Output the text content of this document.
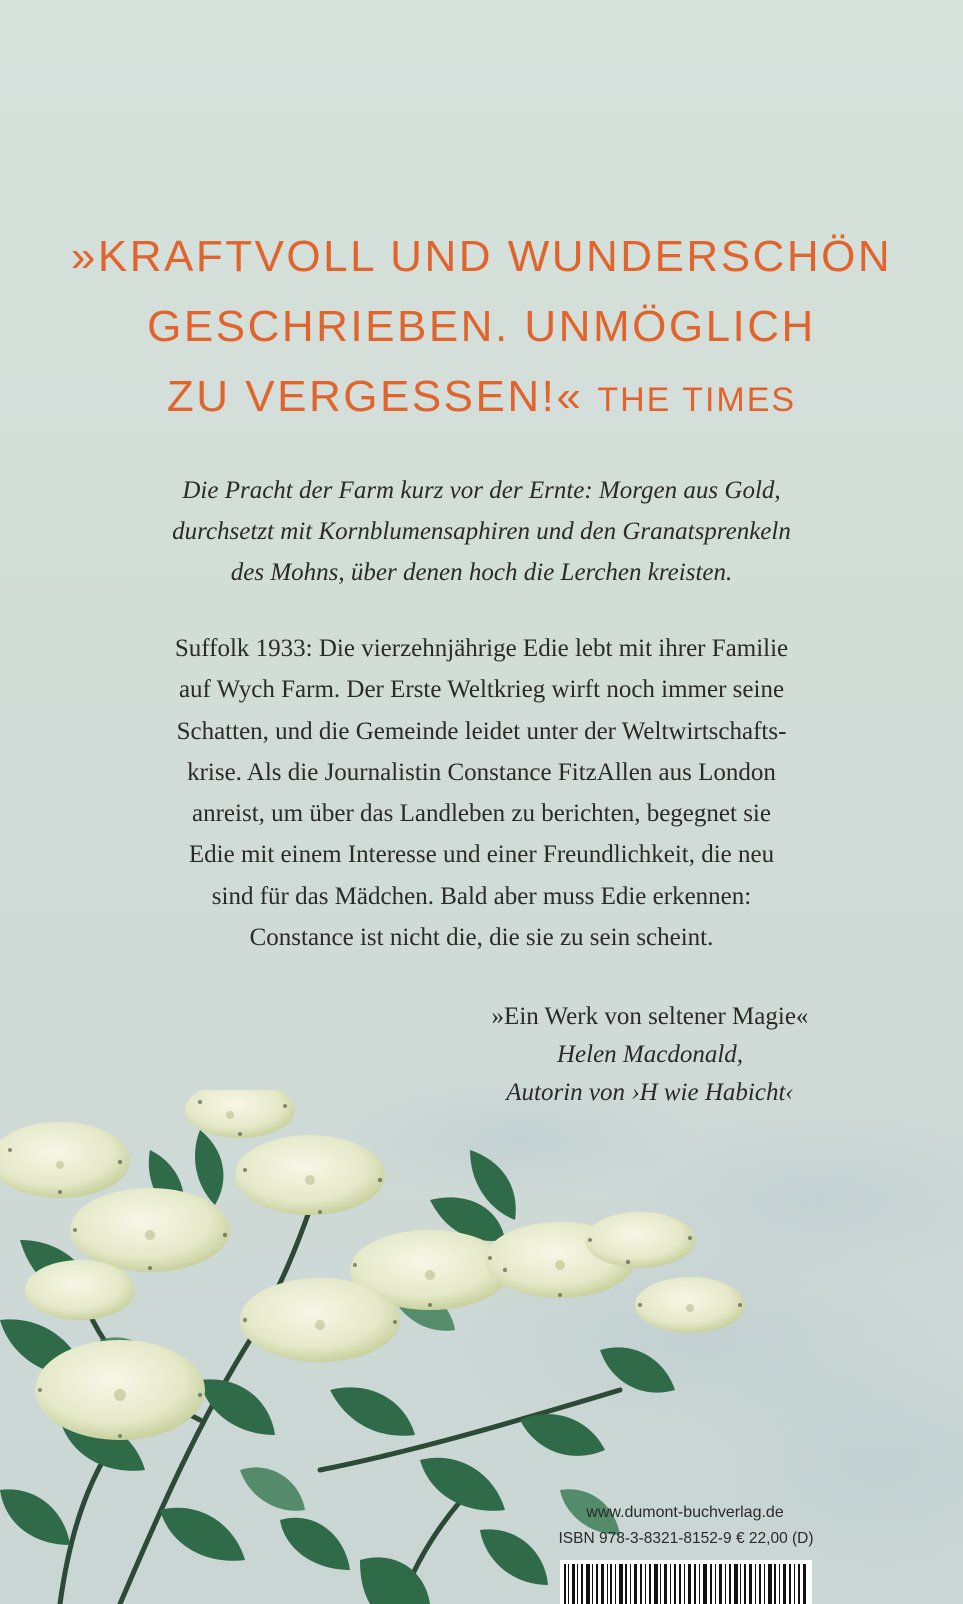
»KRAFTVOLL UND WUNDERSCHÖN
GESCHRIEBEN. UNMÖGLICH
ZU VERGESSEN!« THE TIMES
Die Pracht der Farm kurz vor der Ernte: Morgen aus Gold,
durchsetzt mit Kornblumensaphiren und den Granatsprenkeln
des Mohns, über denen hoch die Lerchen kreisten.
Suffolk 1933: Die vierzehnjährige Edie lebt mit ihrer Familie
auf Wych Farm. Der Erste Weltkrieg wirft noch immer seine
Schatten, und die Gemeinde leidet unter der Weltwirtschafts-
krise. Als die Journalistin Constance FitzAllen aus London
anreist, um über das Landleben zu berichten, begegnet sie
Edie mit einem Interesse und einer Freundlichkeit, die neu
sind für das Mädchen. Bald aber muss Edie erkennen:
Constance ist nicht die, die sie zu sein scheint.
»Ein Werk von seltener Magie«
Helen Macdonald,
Autorin von ›H wie Habicht‹
www.dumont-buchverlag.de
ISBN 978-3-8321-8152-9 € 22,00 (D)
